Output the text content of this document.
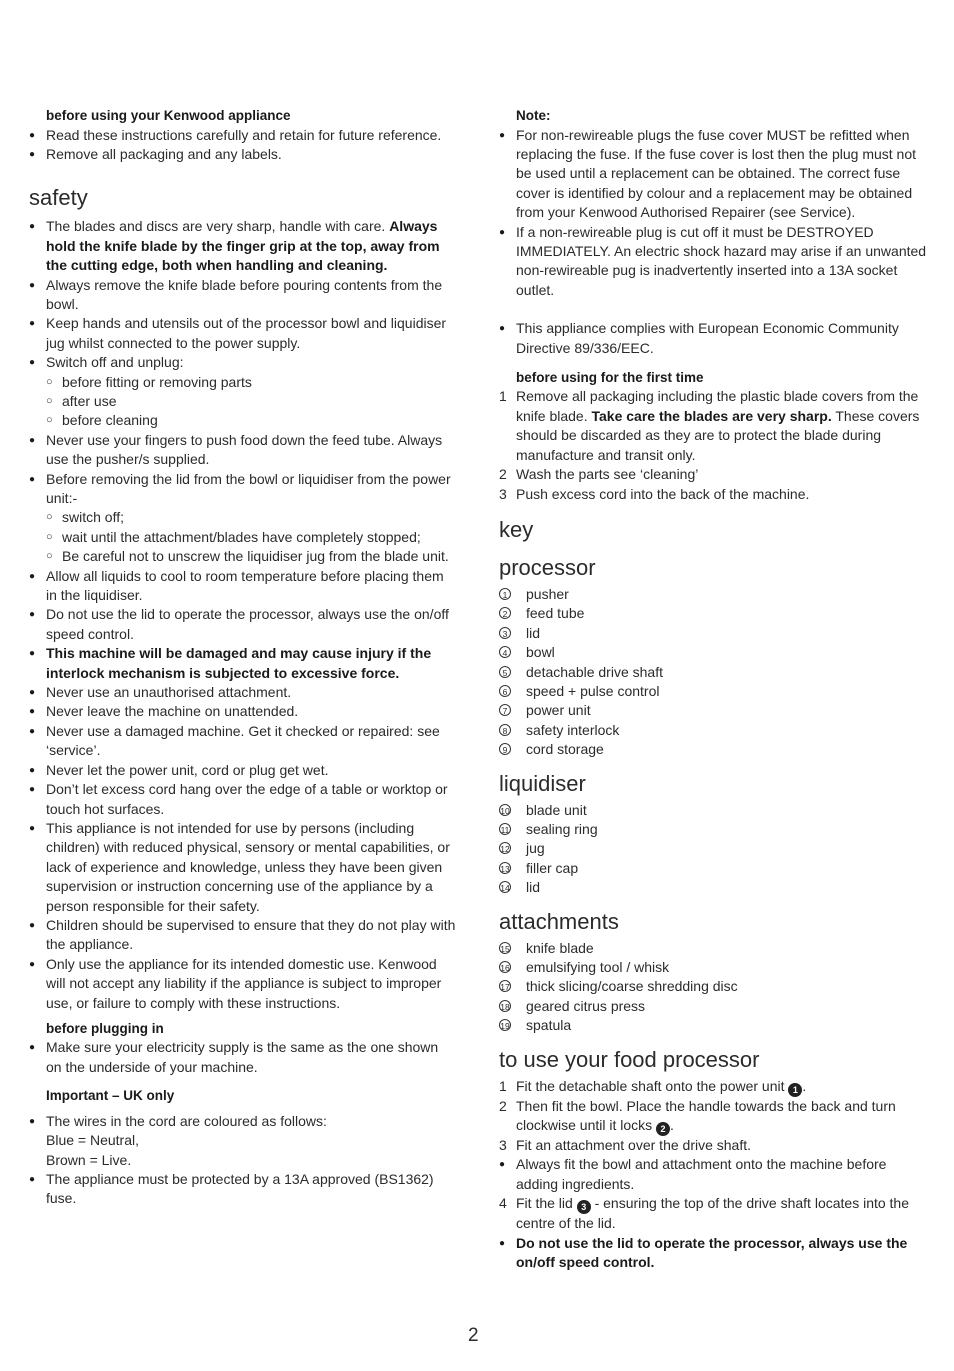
before using your Kenwood appliance
● Read these instructions carefully and retain for future reference.
● Remove all packaging and any labels.
safety
● The blades and discs are very sharp, handle with care. Always hold the knife blade by the finger grip at the top, away from the cutting edge, both when handling and cleaning.
● Always remove the knife blade before pouring contents from the bowl.
● Keep hands and utensils out of the processor bowl and liquidiser jug whilst connected to the power supply.
● Switch off and unplug:
○ before fitting or removing parts
○ after use
○ before cleaning
● Never use your fingers to push food down the feed tube. Always use the pusher/s supplied.
● Before removing the lid from the bowl or liquidiser from the power unit:-
○ switch off;
○ wait until the attachment/blades have completely stopped;
○ Be careful not to unscrew the liquidiser jug from the blade unit.
● Allow all liquids to cool to room temperature before placing them in the liquidiser.
● Do not use the lid to operate the processor, always use the on/off speed control.
● This machine will be damaged and may cause injury if the interlock mechanism is subjected to excessive force.
● Never use an unauthorised attachment.
● Never leave the machine on unattended.
● Never use a damaged machine. Get it checked or repaired: see ‘service’.
● Never let the power unit, cord or plug get wet.
● Don’t let excess cord hang over the edge of a table or worktop or touch hot surfaces.
● This appliance is not intended for use by persons (including children) with reduced physical, sensory or mental capabilities, or lack of experience and knowledge, unless they have been given supervision or instruction concerning use of the appliance by a person responsible for their safety.
● Children should be supervised to ensure that they do not play with the appliance.
● Only use the appliance for its intended domestic use. Kenwood will not accept any liability if the appliance is subject to improper use, or failure to comply with these instructions.
before plugging in
● Make sure your electricity supply is the same as the one shown on the underside of your machine.
Important – UK only
● The wires in the cord are coloured as follows:
Blue = Neutral,
Brown = Live.
● The appliance must be protected by a 13A approved (BS1362) fuse.
Note:
● For non-rewireable plugs the fuse cover MUST be refitted when replacing the fuse. If the fuse cover is lost then the plug must not be used until a replacement can be obtained. The correct fuse cover is identified by colour and a replacement may be obtained from your Kenwood Authorised Repairer (see Service).
● If a non-rewireable plug is cut off it must be DESTROYED IMMEDIATELY. An electric shock hazard may arise if an unwanted non-rewireable pug is inadvertently inserted into a 13A socket outlet.
● This appliance complies with European Economic Community Directive 89/336/EEC.
before using for the first time
1 Remove all packaging including the plastic blade covers from the knife blade. Take care the blades are very sharp. These covers should be discarded as they are to protect the blade during manufacture and transit only.
2 Wash the parts see ‘cleaning’
3 Push excess cord into the back of the machine.
key
processor
1 pusher
2 feed tube
3 lid
4 bowl
5 detachable drive shaft
6 speed + pulse control
7 power unit
8 safety interlock
9 cord storage
liquidiser
10 blade unit
11 sealing ring
12 jug
13 filler cap
14 lid
attachments
15 knife blade
16 emulsifying tool / whisk
17 thick slicing/coarse shredding disc
18 geared citrus press
19 spatula
to use your food processor
1 Fit the detachable shaft onto the power unit 1 .
2 Then fit the bowl. Place the handle towards the back and turn clockwise until it locks 2 .
3 Fit an attachment over the drive shaft.
● Always fit the bowl and attachment onto the machine before adding ingredients.
4 Fit the lid 3 - ensuring the top of the drive shaft locates into the centre of the lid.
● Do not use the lid to operate the processor, always use the on/off speed control.
2
